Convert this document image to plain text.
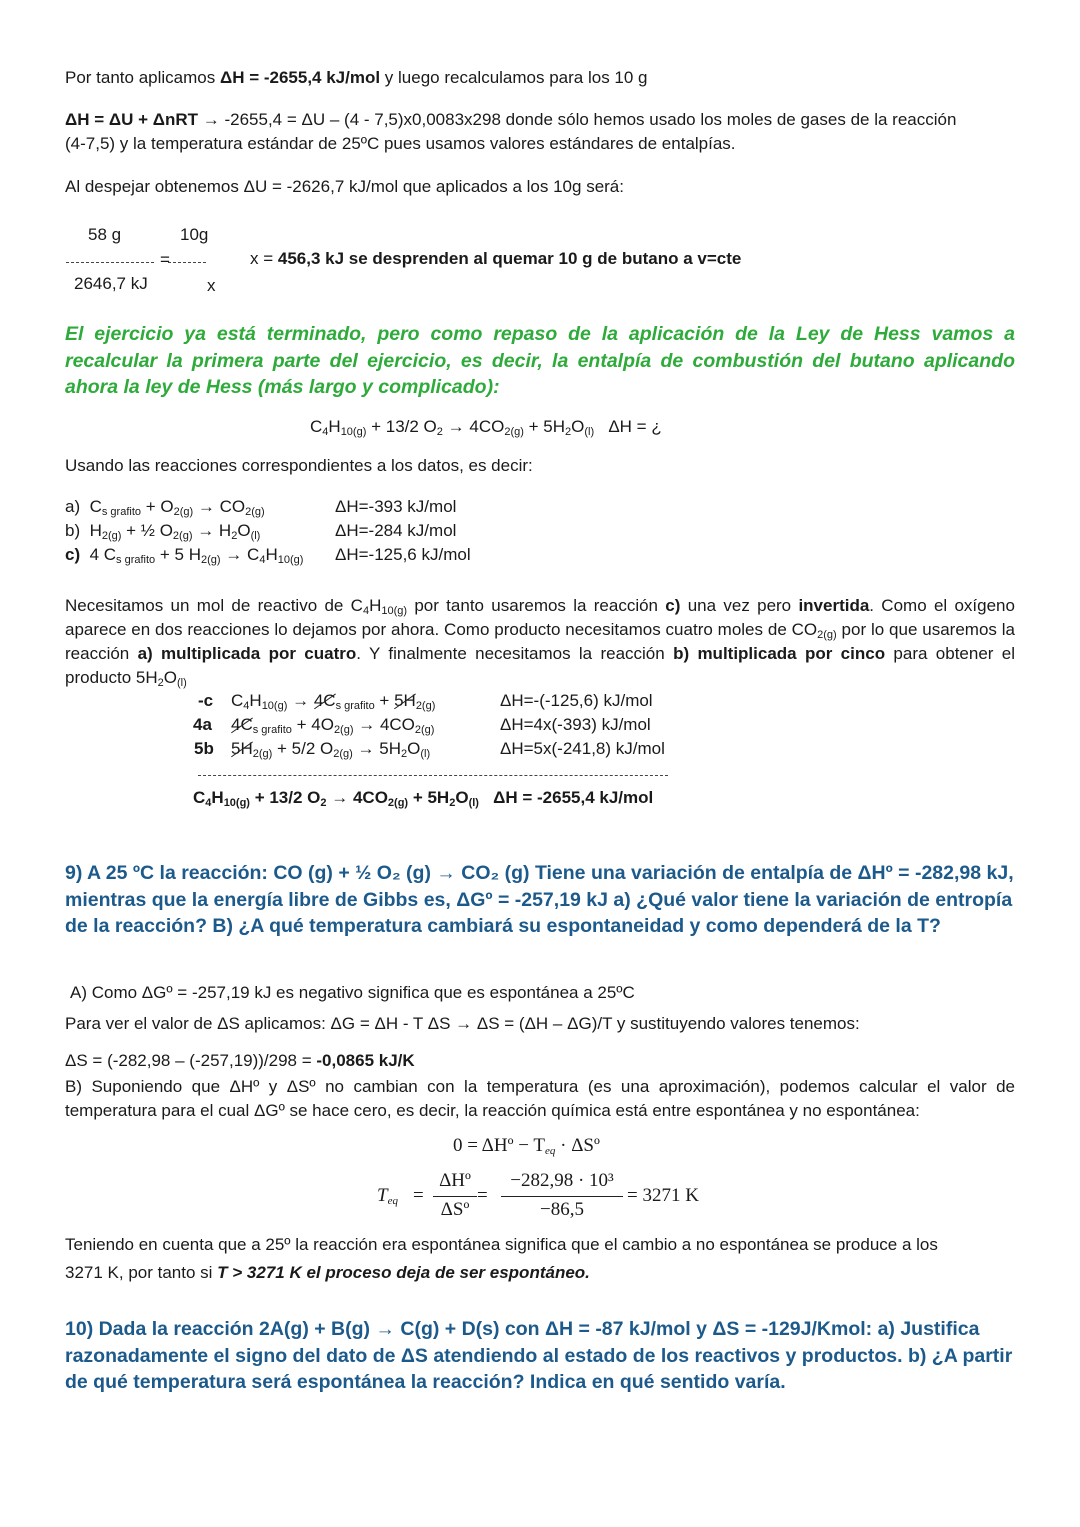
Por tanto aplicamos ΔH = -2655,4 kJ/mol y luego recalculamos para los 10 g
ΔH = ΔU + ΔnRT → -2655,4 = ΔU – (4 - 7,5)x0,0083x298 donde sólo hemos usado los moles de gases de la reacción
(4-7,5) y la temperatura estándar de 25ºC pues usamos valores estándares de entalpías.
Al despejar obtenemos ΔU = -2626,7 kJ/mol que aplicados a los 10g será:
58 g	10g
=
2646,7 kJ	x
x = 456,3 kJ se desprenden al quemar 10 g de butano a v=cte
El ejercicio ya está terminado, pero como repaso de la aplicación de la Ley de Hess vamos a recalcular la primera parte del ejercicio, es decir, la entalpía de combustión del butano aplicando ahora la ley de Hess (más largo y complicado):
$C_4H_{10(g)} + 13/2$ $O_2 \to 4CO_{2(g)} + 5H_2O_{(l)}$ ΔH = ¿
Usando las reacciones correspondientes a los datos, es decir:
a)  $C_{s grafito} + O_{2(g)} \to CO_{2(g)}$	ΔH=-393 kJ/mol
b)  $H_{2(g)}$ + ½ $O_{2(g)} \to H_2O_{(l)}$	ΔH=-284 kJ/mol
c)  4 $C_{s grafito} + 5$ $H_{2(g)} \to C_4H_{10(g)}$ ΔH=-125,6 kJ/mol
Necesitamos un mol de reactivo de $C_4H_{10(g)}$ por tanto usaremos la reacción c) una vez pero invertida. Como el oxígeno aparece en dos reacciones lo dejamos por ahora. Como producto necesitamos cuatro moles de $CO_{2(g)}$ por lo que usaremos la reacción a) multiplicada por cuatro. Y finalmente necesitamos la reacción b) multiplicada por cinco para obtener el producto $5H_2O_{(l)}$
-c $C_4H_{10(g)} \to 4C_{s grafito} + 5H_{2(g)}$	ΔH=-(-125,6) kJ/mol
4a $4C_{s grafito} + 4O_{2(g)} \to 4CO_{2(g)}$	ΔH=4x(-393) kJ/mol
5b $5H_{2(g)} + 5/2$ $O_{2(g)} \to 5H_2O_{(l)}$	ΔH=5x(-241,8) kJ/mol
$C_4H_{10(g)} + 13/2$ $O_2 \to 4CO_{2(g)} + 5H_2O_{(l)}$ ΔH = -2655,4 kJ/mol
9) A 25 ºC la reacción: CO (g) + ½ O₂ (g) → CO₂ (g) Tiene una variación de entalpía de ΔHº = -282,98 kJ, mientras que la energía libre de Gibbs es, ΔGº = -257,19 kJ a) ¿Qué valor tiene la variación de entropía de la reacción? B) ¿A qué temperatura cambiará su espontaneidad y como dependerá de la T?
A) Como ΔGº = -257,19 kJ es negativo significa que es espontánea a 25ºC
Para ver el valor de ΔS aplicamos: ΔG = ΔH - T ΔS → ΔS = (ΔH – ΔG)/T y sustituyendo valores tenemos:
ΔS = (-282,98 – (-257,19))/298 = -0,0865 kJ/K
B) Suponiendo que ΔHº y ΔSº no cambian con la temperatura (es una aproximación), podemos calcular el valor de temperatura para el cual ΔGº se hace cero, es decir, la reacción química está entre espontánea y no espontánea:
0 = ΔHº − $T_{eq}$ · ΔSº
$T_{eq}$ =
ΔHº
ΔSº
=
−282,98 · 10³
−86,5
= 3271 K
Teniendo en cuenta que a 25º la reacción era espontánea significa que el cambio a no espontánea se produce a los
3271 K, por tanto si T > 3271 K el proceso deja de ser espontáneo.
10) Dada la reacción 2A(g) + B(g) → C(g) + D(s) con ΔH = -87 kJ/mol y ΔS = -129J/Kmol: a) Justifica razonadamente el signo del dato de ΔS atendiendo al estado de los reactivos y productos. b) ¿A partir de qué temperatura será espontánea la reacción? Indica en qué sentido varía.
